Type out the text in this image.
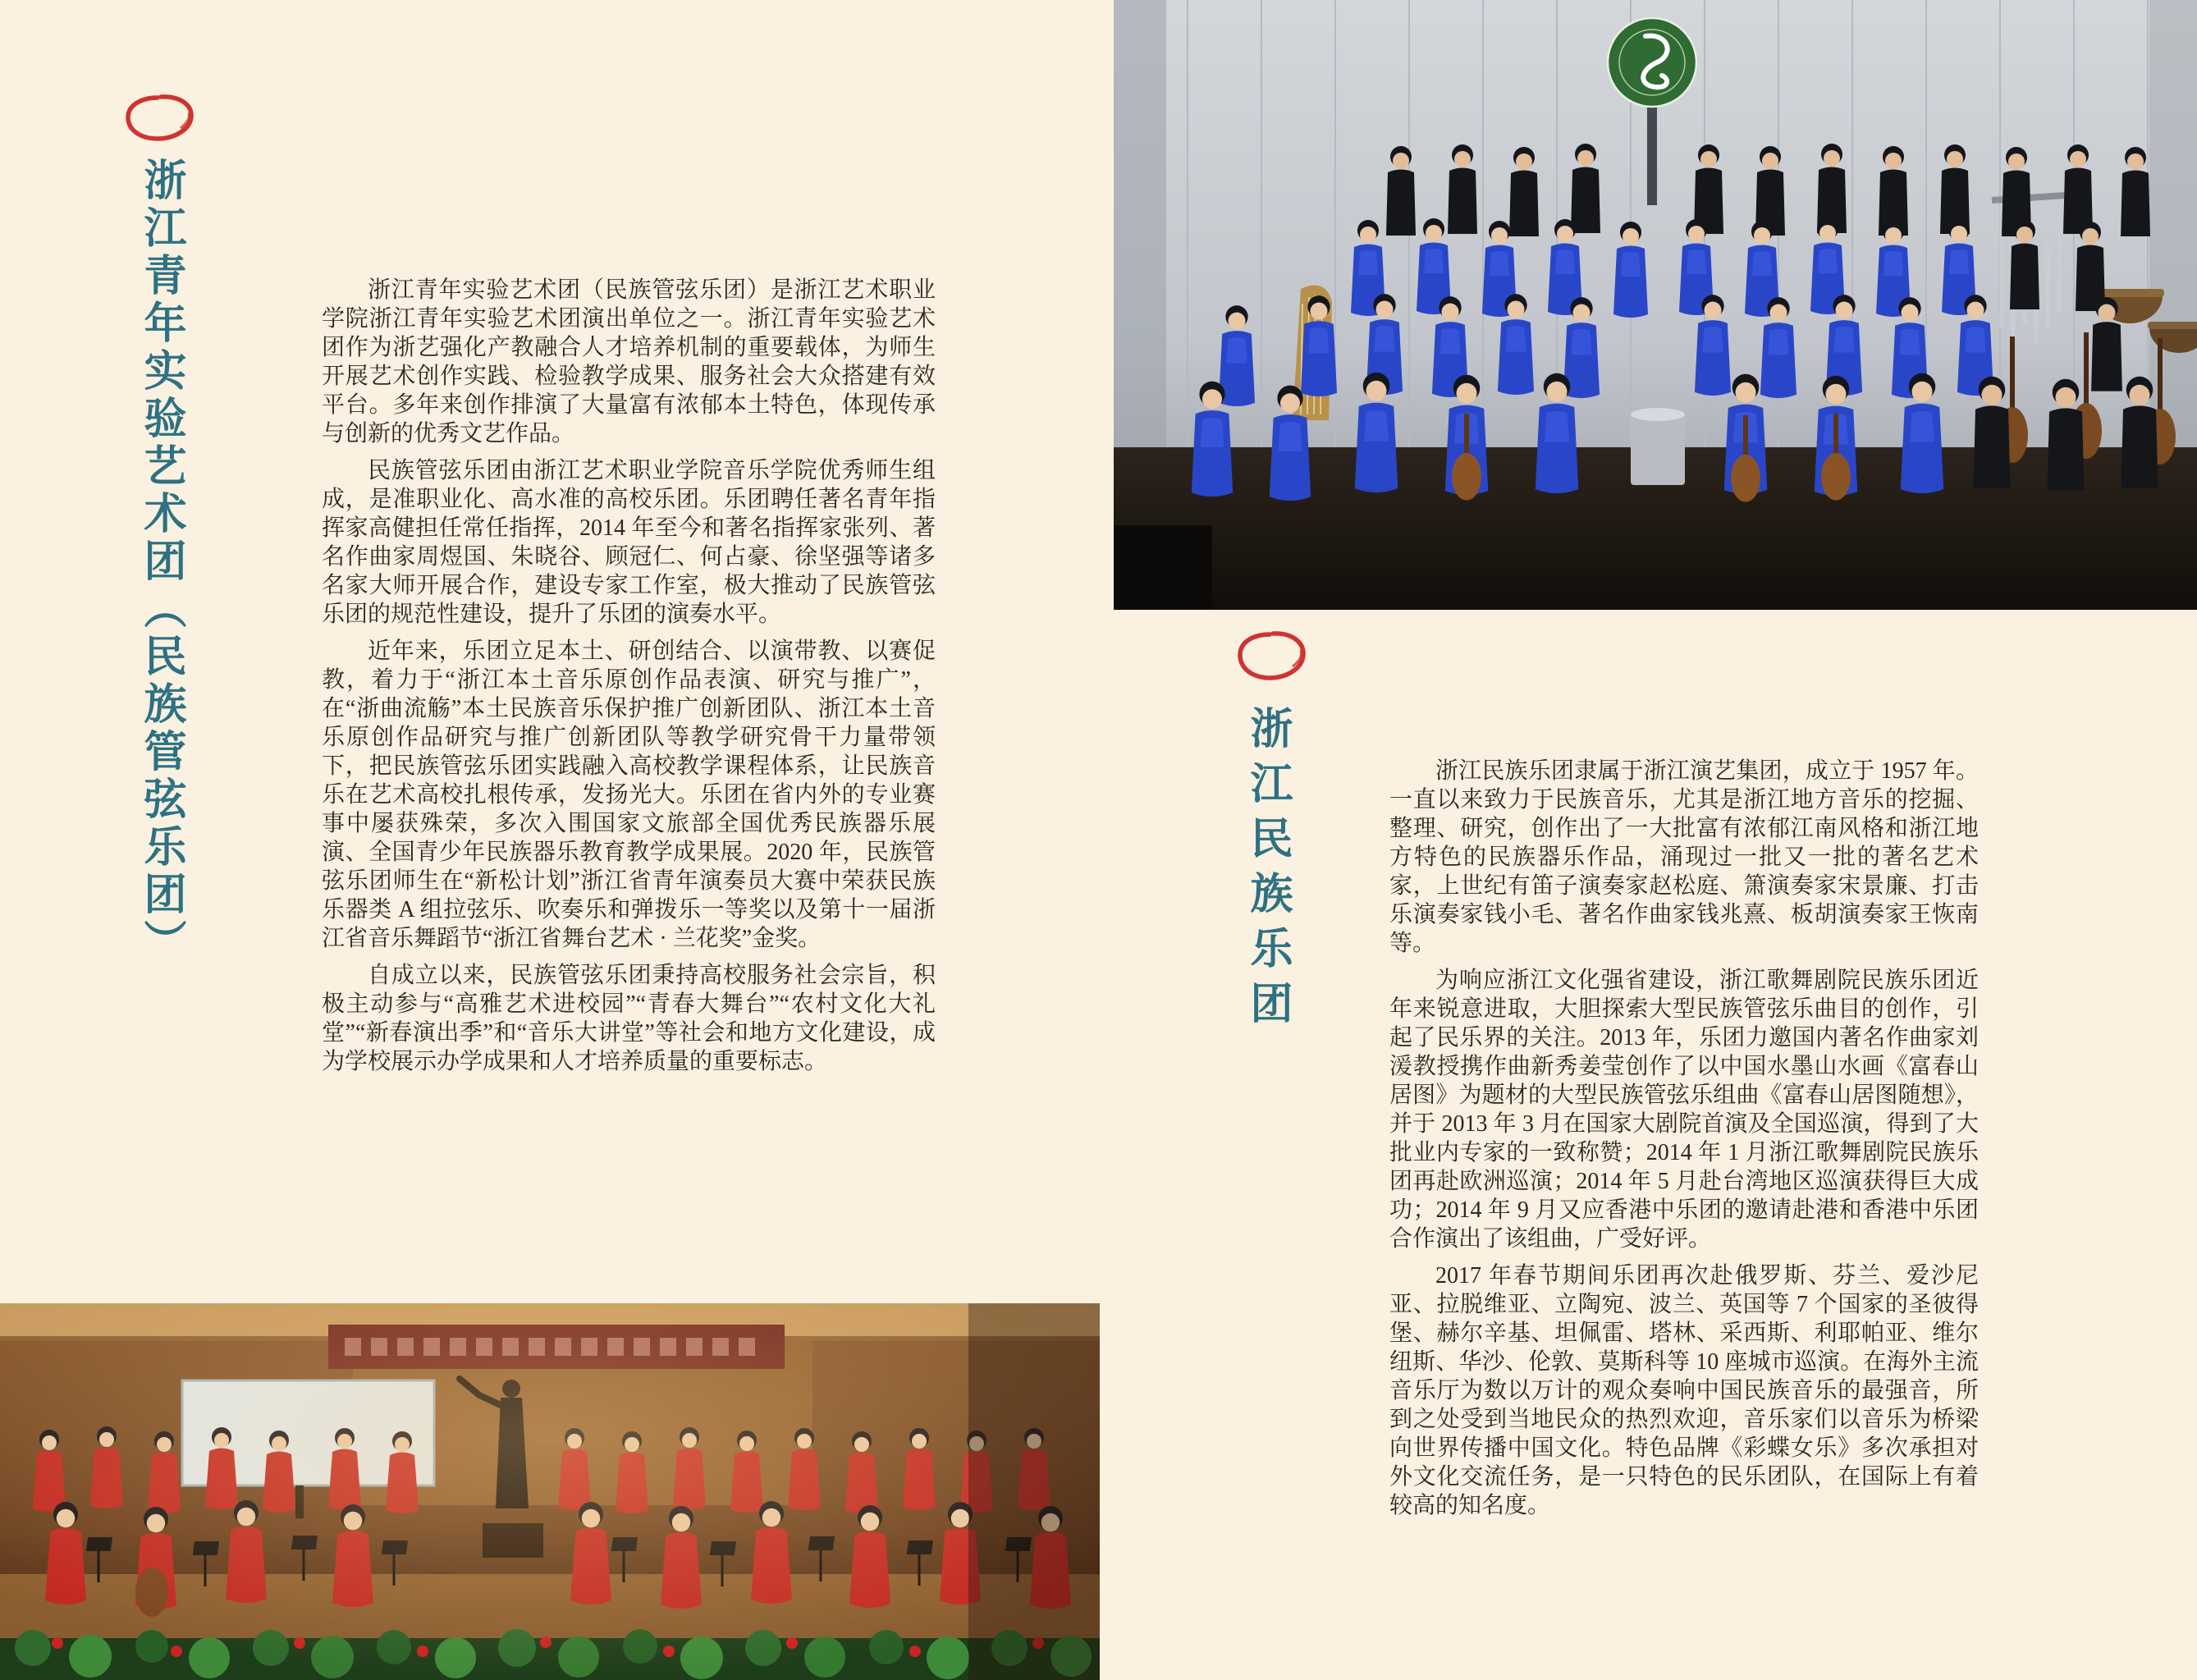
浙江青年实验艺术团（民族管弦乐团）	浙江青年实验艺术团（民族管弦乐团）是浙江艺术职业学院浙江青年实验艺术团演出单位之一。浙江青年实验艺术团作为浙艺强化产教融合人才培养机制的重要载体，为师生开展艺术创作实践、检验教学成果、服务社会大众搭建有效平台。多年来创作排演了大量富有浓郁本土特色，体现传承与创新的优秀文艺作品。

民族管弦乐团由浙江艺术职业学院音乐学院优秀师生组成，是准职业化、高水准的高校乐团。乐团聘任著名青年指挥家高健担任常任指挥，2014 年至今和著名指挥家张列、著名作曲家周煜国、朱晓谷、顾冠仁、何占豪、徐坚强等诸多名家大师开展合作，建设专家工作室，极大推动了民族管弦乐团的规范性建设，提升了乐团的演奏水平。

近年来，乐团立足本土、研创结合、以演带教、以赛促教，着力于“浙江本土音乐原创作品表演、研究与推广”，在“浙曲流觞”本土民族音乐保护推广创新团队、浙江本土音乐原创作品研究与推广创新团队等教学研究骨干力量带领下，把民族管弦乐团实践融入高校教学课程体系，让民族音乐在艺术高校扎根传承，发扬光大。乐团在省内外的专业赛事中屡获殊荣，多次入围国家文旅部全国优秀民族器乐展演、全国青少年民族器乐教育教学成果展。2020 年，民族管弦乐团师生在“新松计划”浙江省青年演奏员大赛中荣获民族乐器类 A 组拉弦乐、吹奏乐和弹拨乐一等奖以及第十一届浙江省音乐舞蹈节“浙江省舞台艺术 · 兰花奖”金奖。

自成立以来，民族管弦乐团秉持高校服务社会宗旨，积极主动参与“高雅艺术进校园”“青春大舞台”“农村文化大礼堂”“新春演出季”和“音乐大讲堂”等社会和地方文化建设，成为学校展示办学成果和人才培养质量的重要标志。

浙江民族乐团	浙江民族乐团隶属于浙江演艺集团，成立于 1957 年。一直以来致力于民族音乐，尤其是浙江地方音乐的挖掘、整理、研究，创作出了一大批富有浓郁江南风格和浙江地方特色的民族器乐作品，涌现过一批又一批的著名艺术家，上世纪有笛子演奏家赵松庭、箫演奏家宋景廉、打击乐演奏家钱小毛、著名作曲家钱兆熹、板胡演奏家王恢南等。

为响应浙江文化强省建设，浙江歌舞剧院民族乐团近年来锐意进取，大胆探索大型民族管弦乐曲目的创作，引起了民乐界的关注。2013 年，乐团力邀国内著名作曲家刘湲教授携作曲新秀姜莹创作了以中国水墨山水画《富春山居图》为题材的大型民族管弦乐组曲《富春山居图随想》，并于 2013 年 3 月在国家大剧院首演及全国巡演，得到了大批业内专家的一致称赞；2014 年 1 月浙江歌舞剧院民族乐团再赴欧洲巡演；2014 年 5 月赴台湾地区巡演获得巨大成功；2014 年 9 月又应香港中乐团的邀请赴港和香港中乐团合作演出了该组曲，广受好评。

2017 年春节期间乐团再次赴俄罗斯、芬兰、爱沙尼亚、拉脱维亚、立陶宛、波兰、英国等 7 个国家的圣彼得堡、赫尔辛基、坦佩雷、塔林、采西斯、利耶帕亚、维尔纽斯、华沙、伦敦、莫斯科等 10 座城市巡演。在海外主流音乐厅为数以万计的观众奏响中国民族音乐的最强音，所到之处受到当地民众的热烈欢迎，音乐家们以音乐为桥梁向世界传播中国文化。特色品牌《彩蝶女乐》多次承担对外文化交流任务，是一只特色的民乐团队，在国际上有着较高的知名度。
